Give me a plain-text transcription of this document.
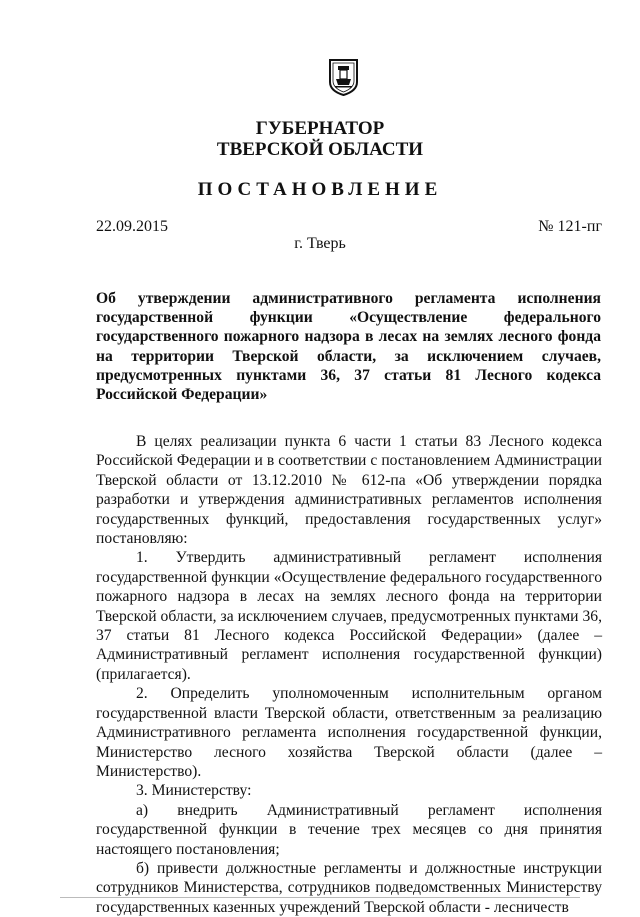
ГУБЕРНАТОР
ТВЕРСКОЙ ОБЛАСТИ
ПОСТАНОВЛЕНИЕ
22.09.2015	№ 121-пг
г. Тверь
Об утверждении административного регламента исполнения государственной функции «Осуществление федерального государственного пожарного надзора в лесах на землях лесного фонда на территории Тверской области, за исключением случаев, предусмотренных пунктами 36, 37 статьи 81 Лесного кодекса Российской Федерации»

В целях реализации пункта 6 части 1 статьи 83 Лесного кодекса Российской Федерации и в соответствии с постановлением Администрации Тверской области от 13.12.2010 № 612-па «Об утверждении порядка разработки и утверждения административных регламентов исполнения государственных функций, предоставления государственных услуг» постановляю:

1. Утвердить административный регламент исполнения государственной функции «Осуществление федерального государственного пожарного надзора в лесах на землях лесного фонда на территории Тверской области, за исключением случаев, предусмотренных пунктами 36, 37 статьи 81 Лесного кодекса Российской Федерации» (далее – Административный регламент исполнения государственной функции) (прилагается).

2. Определить уполномоченным исполнительным органом государственной власти Тверской области, ответственным за реализацию Административного регламента исполнения государственной функции, Министерство лесного хозяйства Тверской области (далее – Министерство).

3. Министерству:

а) внедрить Административный регламент исполнения государственной функции в течение трех месяцев со дня принятия настоящего постановления;

б) привести должностные регламенты и должностные инструкции сотрудников Министерства, сотрудников подведомственных Министерству государственных казенных учреждений Тверской области - лесничеств
